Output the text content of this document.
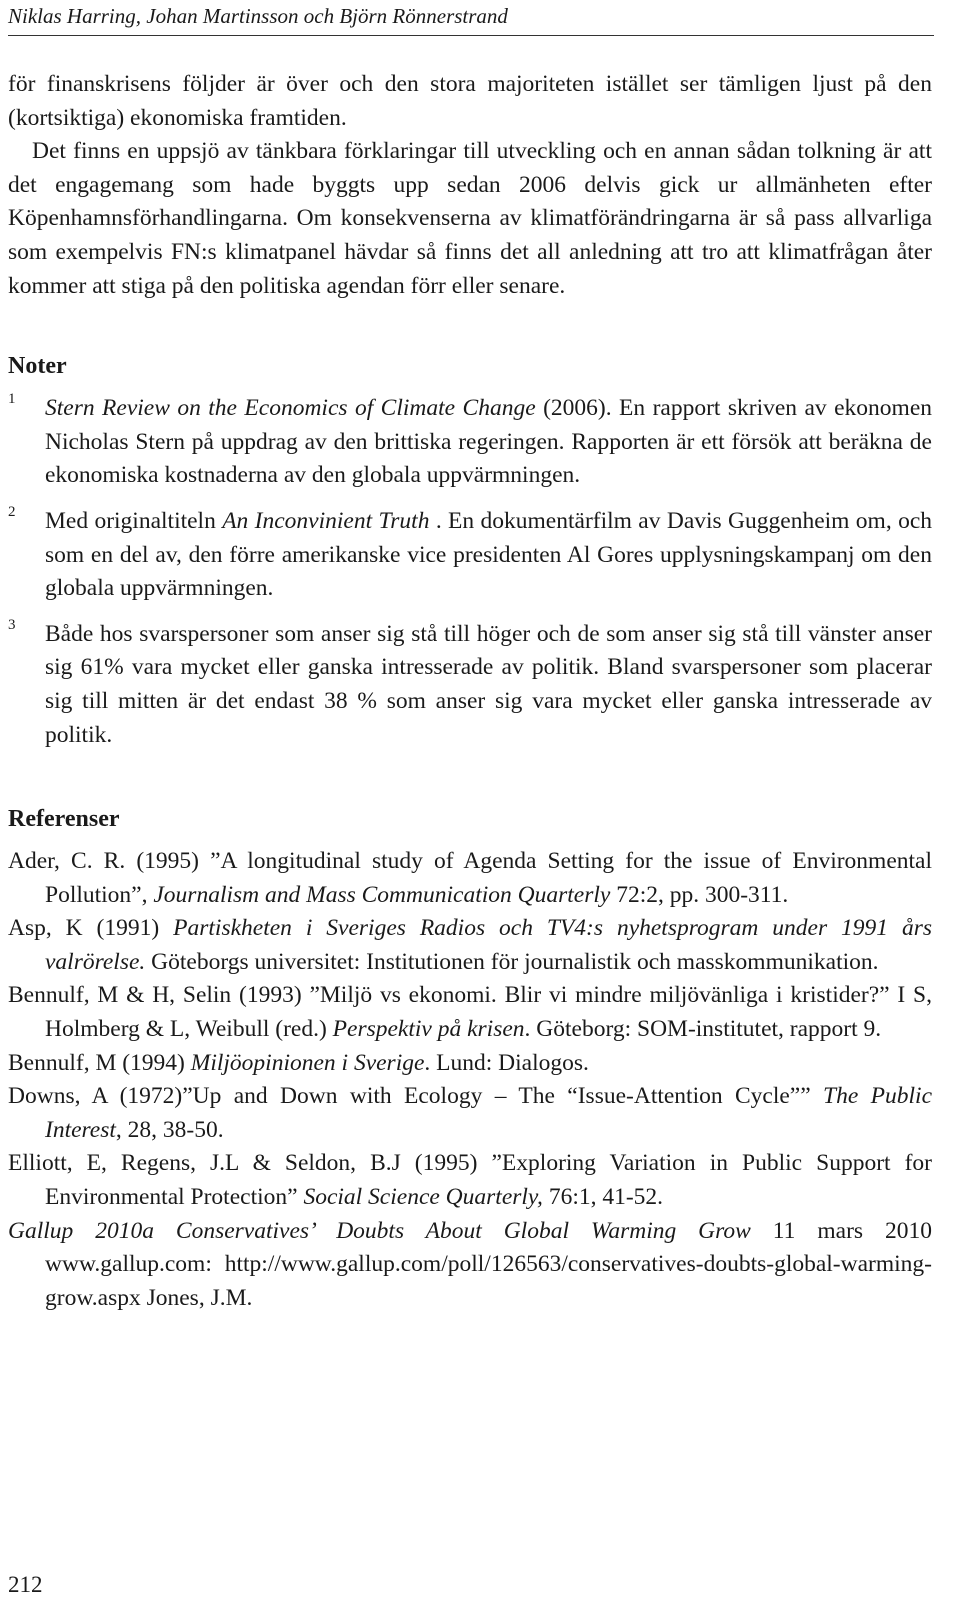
Niklas Harring, Johan Martinsson och Björn Rönnerstrand

för finanskrisens följder är över och den stora majoriteten istället ser tämligen ljust på den (kortsiktiga) ekonomiska framtiden.

Det finns en uppsjö av tänkbara förklaringar till utveckling och en annan sådan tolkning är att det engagemang som hade byggts upp sedan 2006 delvis gick ur allmänheten efter Köpenhamnsförhandlingarna. Om konsekvenserna av klimatförändringarna är så pass allvarliga som exempelvis FN:s klimatpanel hävdar så finns det all anledning att tro att klimatfrågan åter kommer att stiga på den politiska agendan förr eller senare.

Noter
1 Stern Review on the Economics of Climate Change (2006). En rapport skriven av ekonomen Nicholas Stern på uppdrag av den brittiska regeringen. Rapporten är ett försök att beräkna de ekonomiska kostnaderna av den globala uppvärmningen.
2 Med originaltiteln An Inconvinient Truth . En dokumentärfilm av Davis Guggenheim om, och som en del av, den förre amerikanske vice presidenten Al Gores upplysningskampanj om den globala uppvärmningen.
3 Både hos svarspersoner som anser sig stå till höger och de som anser sig stå till vänster anser sig 61% vara mycket eller ganska intresserade av politik. Bland svarspersoner som placerar sig till mitten är det endast 38 % som anser sig vara mycket eller ganska intresserade av politik.
Referenser
Ader, C. R. (1995) ”A longitudinal study of Agenda Setting for the issue of Environmental Pollution”, Journalism and Mass Communication Quarterly 72:2, pp. 300-311.
Asp, K (1991) Partiskheten i Sveriges Radios och TV4:s nyhetsprogram under 1991 års valrörelse. Göteborgs universitet: Institutionen för journalistik och masskommunikation.
Bennulf, M & H, Selin (1993) ”Miljö vs ekonomi. Blir vi mindre miljövänliga i kristider?” I S, Holmberg & L, Weibull (red.) Perspektiv på krisen. Göteborg: SOM-institutet, rapport 9.
Bennulf, M (1994) Miljöopinionen i Sverige. Lund: Dialogos.
Downs, A (1972)”Up and Down with Ecology – The “Issue-Attention Cycle”” The Public Interest, 28, 38-50.
Elliott, E, Regens, J.L & Seldon, B.J (1995) ”Exploring Variation in Public Support for Environmental Protection” Social Science Quarterly, 76:1, 41-52.
Gallup 2010a Conservatives’ Doubts About Global Warming Grow 11 mars 2010 www.gallup.com: http://www.gallup.com/poll/126563/conservatives-doubts-global-warming-grow.aspx Jones, J.M.
212
